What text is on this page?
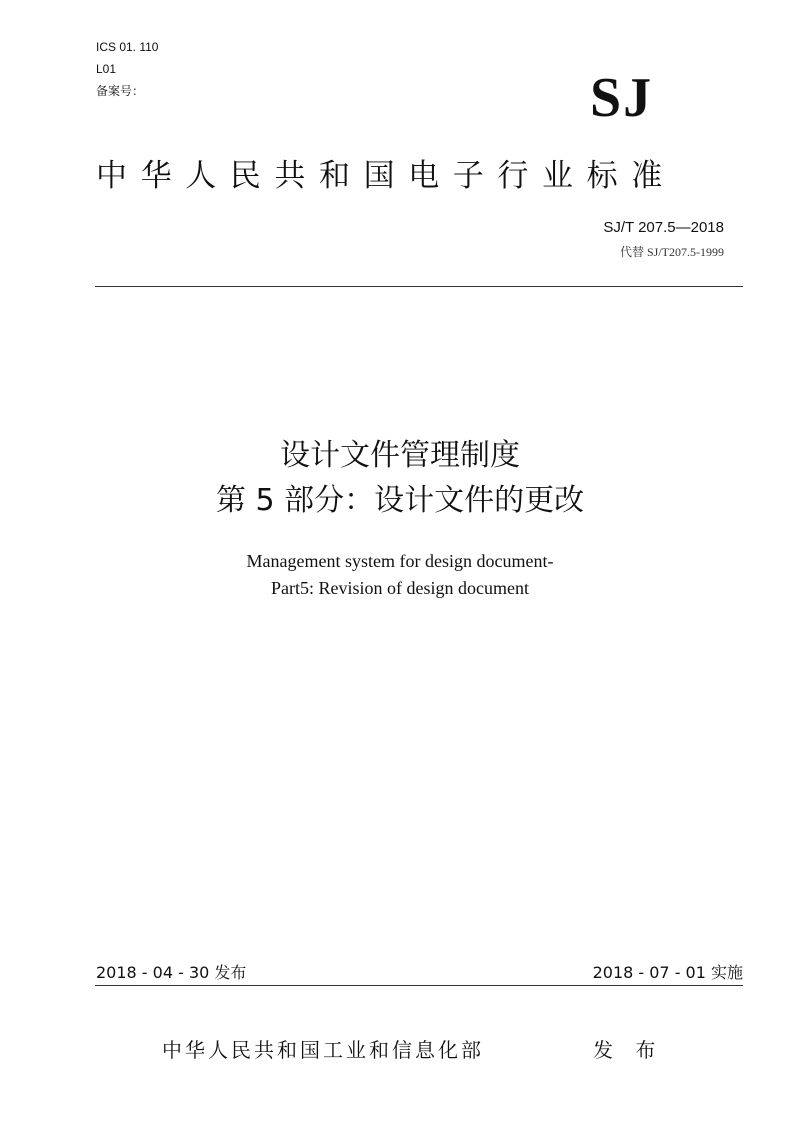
ICS 01. 110
L01
备案号：	SJ
中华人民共和国电子行业标准
SJ/T 207.5—2018
代替 SJ/T207.5-1999
设计文件管理制度
第 5 部分：设计文件的更改
Management system for design document-
Part5: Revision of design document
2018 - 04 - 30 发布	2018 - 07 - 01 实施
中华人民共和国工业和信息化部	发 布
